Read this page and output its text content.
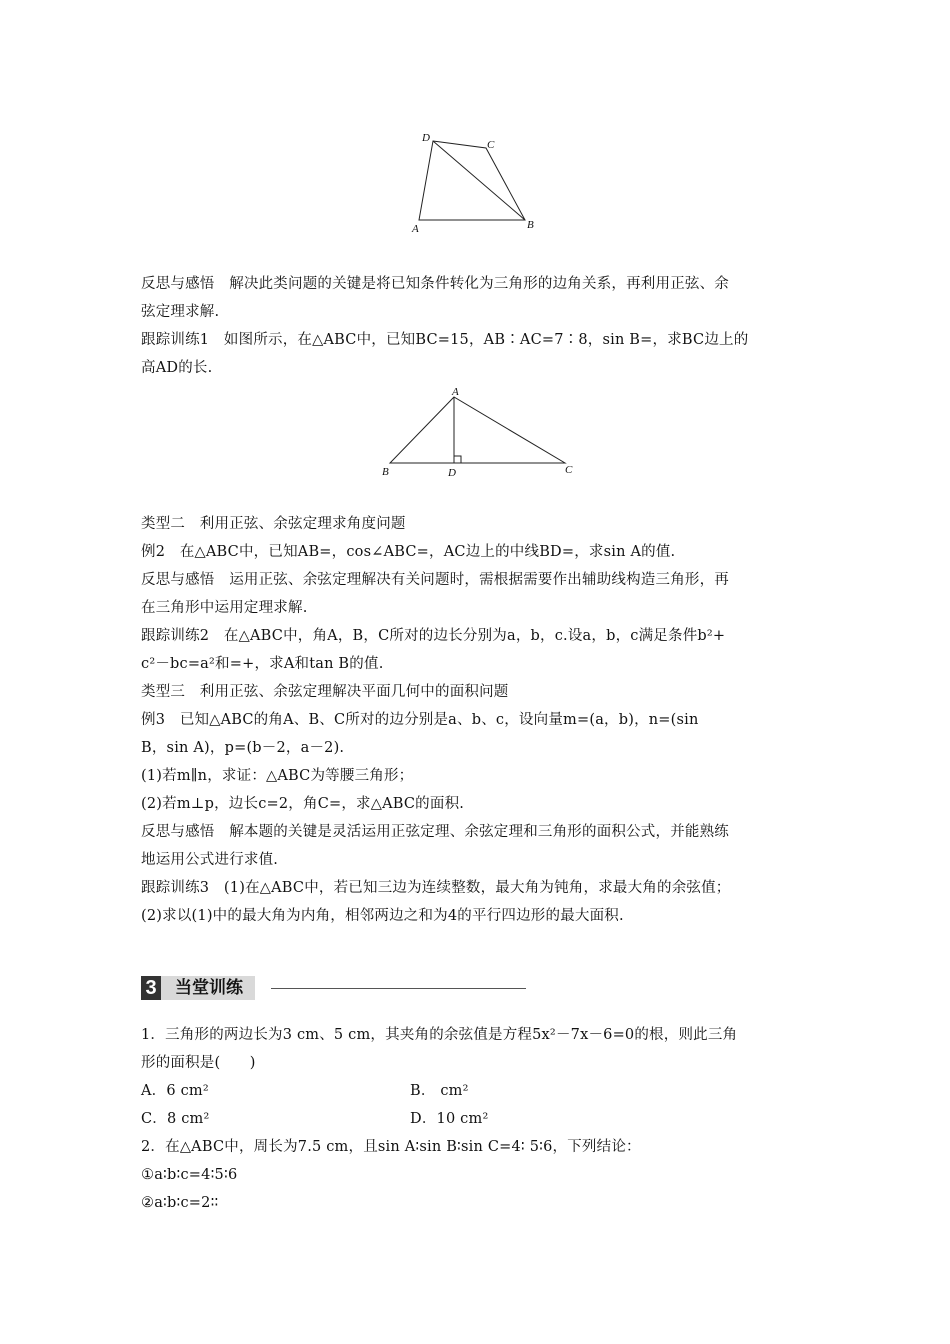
D
C
A	B
A
B	D	C
反思与感悟　解决此类问题的关键是将已知条件转化为三角形的边角关系，再利用正弦、余
弦定理求解.
跟踪训练1　如图所示，在△ABC中，已知BC=15，AB∶AC=7∶8，sin B=，求BC边上的
高AD的长.
类型二　利用正弦、余弦定理求角度问题
例2　在△ABC中，已知AB=，cos∠ABC=，AC边上的中线BD=，求sin A的值.
反思与感悟　运用正弦、余弦定理解决有关问题时，需根据需要作出辅助线构造三角形，再
在三角形中运用定理求解.
跟踪训练2　在△ABC中，角A，B，C所对的边长分别为a，b，c.设a，b，c满足条件b²+
c²－bc=a²和=+，求A和tan B的值.
类型三　利用正弦、余弦定理解决平面几何中的面积问题
例3　已知△ABC的角A、B、C所对的边分别是a、b、c，设向量m=(a，b)，n=(sin
B，sin A)，p=(b－2，a－2).
(1)若m∥n，求证：△ABC为等腰三角形；
(2)若m⊥p，边长c=2，角C=，求△ABC的面积.
反思与感悟　解本题的关键是灵活运用正弦定理、余弦定理和三角形的面积公式，并能熟练
地运用公式进行求值.
跟踪训练3　(1)在△ABC中，若已知三边为连续整数，最大角为钝角，求最大角的余弦值；
(2)求以(1)中的最大角为内角，相邻两边之和为4的平行四边形的最大面积.
3	当堂训练
1．三角形的两边长为3 cm、5 cm，其夹角的余弦值是方程5x²－7x－6=0的根，则此三角
形的面积是(　　)
A．6 cm²	B． cm²
C．8 cm²	D．10 cm²
2．在△ABC中，周长为7.5 cm，且sin A∶sin B∶sin C=4∶ 5∶6，下列结论：
①a∶b∶c=4∶5∶6
②a∶b∶c=2∶∶
